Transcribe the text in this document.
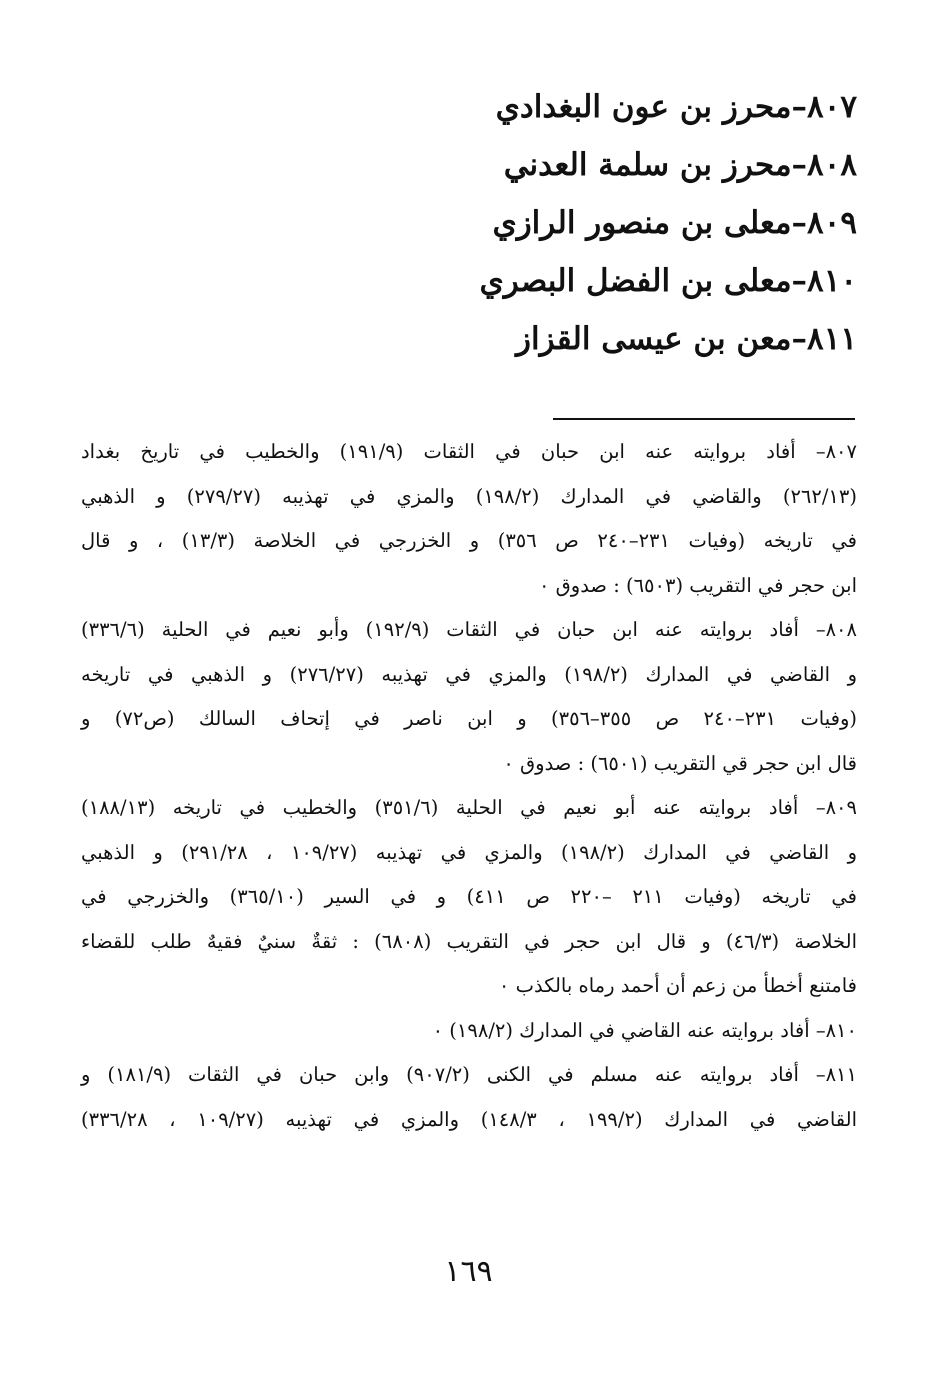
٨٠٧–محرز بن عون البغدادي
٨٠٨–محرز بن سلمة العدني
٨٠٩–معلى بن منصور الرازي
٨١٠–معلى بن الفضل البصري
٨١١–معن بن عيسى القزاز
٨٠٧– أفاد بروايته عنه ابن حبان في الثقات (١٩١/٩) والخطيب في تاريخ بغداد
(٢٦٢/١٣) والقاضي في المدارك (١٩٨/٢) والمزي في تهذيبه (٢٧٩/٢٧) و الذهبي
في تاريخه (وفيات ٢٣١–٢٤٠ ص ٣٥٦) و الخزرجي في الخلاصة (١٣/٣) ، و قال
ابن حجر في التقريب (٦٥٠٣) : صدوق ٠
٨٠٨– أفاد بروايته عنه ابن حبان في الثقات (١٩٢/٩) وأبو نعيم في الحلية (٣٣٦/٦)
و القاضي في المدارك (١٩٨/٢) والمزي في تهذيبه (٢٧٦/٢٧) و الذهبي في تاريخه
(وفيات ٢٣١–٢٤٠ ص ٣٥٥–٣٥٦) و ابن ناصر في إتحاف السالك (ص٧٢) و
قال ابن حجر قي التقريب (٦٥٠١) : صدوق ٠
٨٠٩– أفاد بروايته عنه أبو نعيم في الحلية (٣٥١/٦) والخطيب في تاريخه (١٨٨/١٣)
و القاضي في المدارك (١٩٨/٢) والمزي في تهذيبه (١٠٩/٢٧ ، ٢٩١/٢٨) و الذهبي
في تاريخه (وفيات ٢١١ –٢٢٠ ص ٤١١) و في السير (٣٦٥/١٠) والخزرجي في
الخلاصة (٤٦/٣) و قال ابن حجر في التقريب (٦٨٠٨) : ثقةٌ سنيٌ فقيهٌ طلب للقضاء
فامتنع أخطأ من زعم أن أحمد رماه بالكذب ٠
٨١٠– أفاد بروايته عنه القاضي في المدارك (١٩٨/٢) ٠
٨١١– أفاد بروايته عنه مسلم في الكنى (٩٠٧/٢) وابن حبان في الثقات (١٨١/٩) و
القاضي في المدارك (١٩٩/٢ ، ١٤٨/٣) والمزي في تهذيبه (١٠٩/٢٧ ، ٣٣٦/٢٨)
١٦٩
